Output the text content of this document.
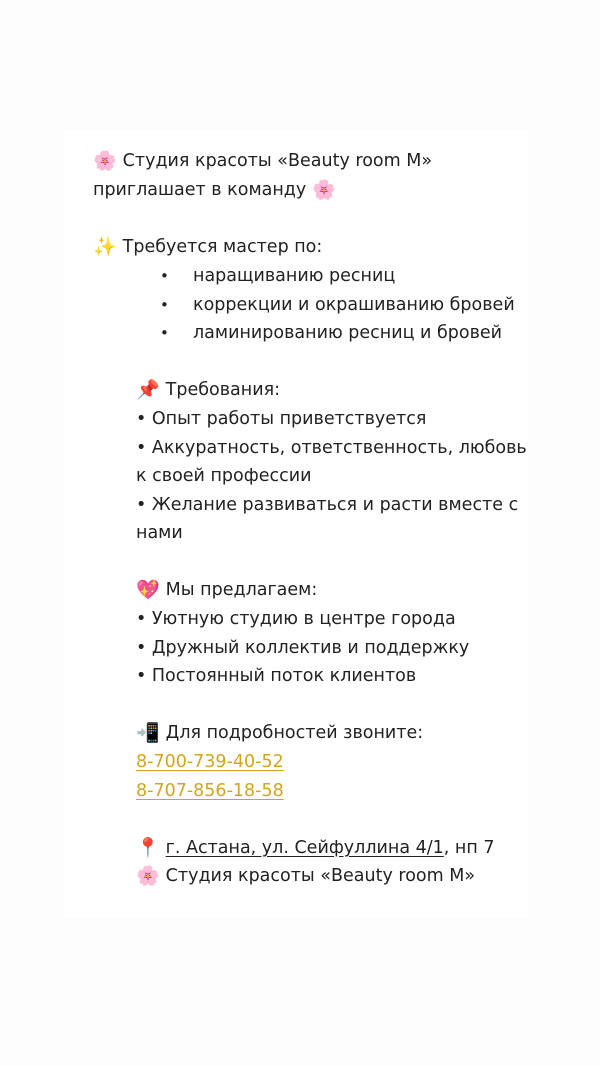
🌸 Студия красоты «Beauty room M»
приглашает в команду 🌸
✨ Требуется мастер по:
• наращиванию ресниц
• коррекции и окрашиванию бровей
• ламинированию ресниц и бровей
📌 Требования:
• Опыт работы приветствуется
• Аккуратность, ответственность, любовь
к своей профессии
• Желание развиваться и расти вместе с
нами
💖 Мы предлагаем:
• Уютную студию в центре города
• Дружный коллектив и поддержку
• Постоянный поток клиентов
📲 Для подробностей звоните:
8-700-739-40-52
8-707-856-18-58
📍 г. Астана, ул. Сейфуллина 4/1, нп 7
🌸 Студия красоты «Beauty room M»
